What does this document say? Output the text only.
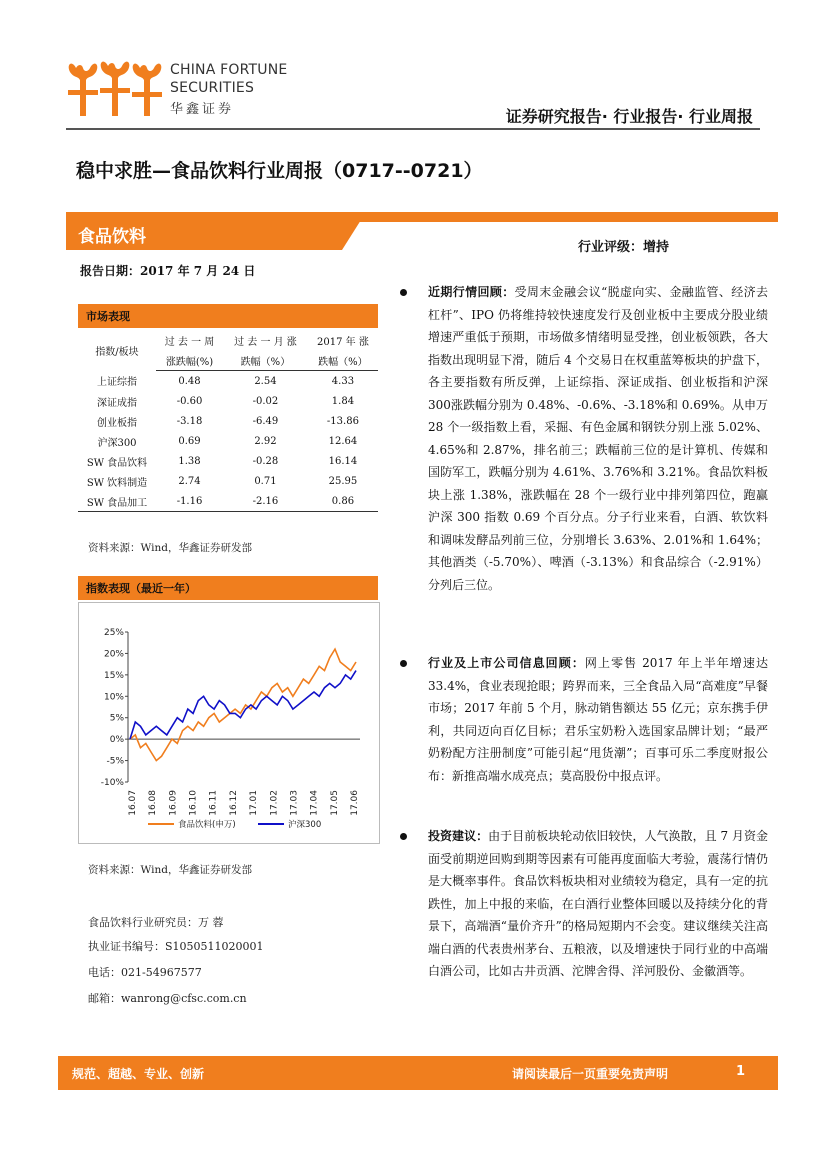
CHINA FORTUNE
SECURITIES
华鑫证券	证券研究报告· 行业报告· 行业周报
稳中求胜—食品饮料行业周报（0717--0721）
食品饮料
行业评级：增持
报告日期：2017 年 7 月 24 日
市场表现
指数/板块	过 去 一 周	过 去 一 月 涨	2017 年 涨
	涨跌幅(%)	跌幅（%）	跌幅（%）
上证综指	0.48	2.54	4.33
深证成指	-0.60	-0.02	1.84
创业板指	-3.18	-6.49	-13.86
沪深300	0.69	2.92	12.64
SW 食品饮料	1.38	-0.28	16.14
SW 饮料制造	2.74	0.71	25.95
SW 食品加工	-1.16	-2.16	0.86
资料来源：Wind，华鑫证券研发部
指数表现（最近一年）
25%
20%
15%
10%
5%
0%
-5%
-10%
16.07 16.08 16.09 16.10 16.11 16.12 17.01 17.02 17.03 17.04 17.05 17.06
食品饮料(申万)	沪深300
资料来源：Wind，华鑫证券研发部
食品饮料行业研究员：万 蓉
执业证书编号：S1050511020001
电话：021-54967577
邮箱：wanrong@cfsc.com.cn
近期行情回顾：受周末金融会议“脱虚向实、金融监管、经济去杠杆”、IPO 仍将维持较快速度发行及创业板中主要成分股业绩增速严重低于预期，市场做多情绪明显受挫，创业板领跌，各大指数出现明显下滑，随后 4 个交易日在权重蓝筹板块的护盘下，各主要指数有所反弹，上证综指、深证成指、创业板指和沪深300涨跌幅分别为 0.48%、-0.6%、-3.18%和 0.69%。从申万 28 个一级指数上看，采掘、有色金属和钢铁分别上涨 5.02%、4.65%和 2.87%，排名前三；跌幅前三位的是计算机、传媒和国防军工，跌幅分别为 4.61%、3.76%和 3.21%。食品饮料板块上涨 1.38%，涨跌幅在 28 个一级行业中排列第四位，跑赢沪深 300 指数 0.69 个百分点。分子行业来看，白酒、软饮料和调味发酵品列前三位，分别增长 3.63%、2.01%和 1.64%；其他酒类（-5.70%）、啤酒（-3.13%）和食品综合（-2.91%）分列后三位。
行业及上市公司信息回顾：网上零售 2017 年上半年增速达 33.4%，食业表现抢眼；跨界而来，三全食品入局“高难度”早餐市场；2017 年前 5 个月，脉动销售额达 55 亿元；京东携手伊利，共同迈向百亿目标；君乐宝奶粉入选国家品牌计划；“最严奶粉配方注册制度”可能引起“甩货潮”；百事可乐二季度财报公布：新推高端水成亮点；莫高股份中报点评。
投资建议：由于目前板块轮动依旧较快，人气涣散，且 7 月资金面受前期逆回购到期等因素有可能再度面临大考验，震荡行情仍是大概率事件。食品饮料板块相对业绩较为稳定，具有一定的抗跌性，加上中报的来临，在白酒行业整体回暖以及持续分化的背景下，高端酒“量价齐升”的格局短期内不会变。建议继续关注高端白酒的代表贵州茅台、五粮液，以及增速快于同行业的中高端白酒公司，比如古井贡酒、沱牌舍得、洋河股份、金徽酒等。
规范、超越、专业、创新	请阅读最后一页重要免责声明	1
